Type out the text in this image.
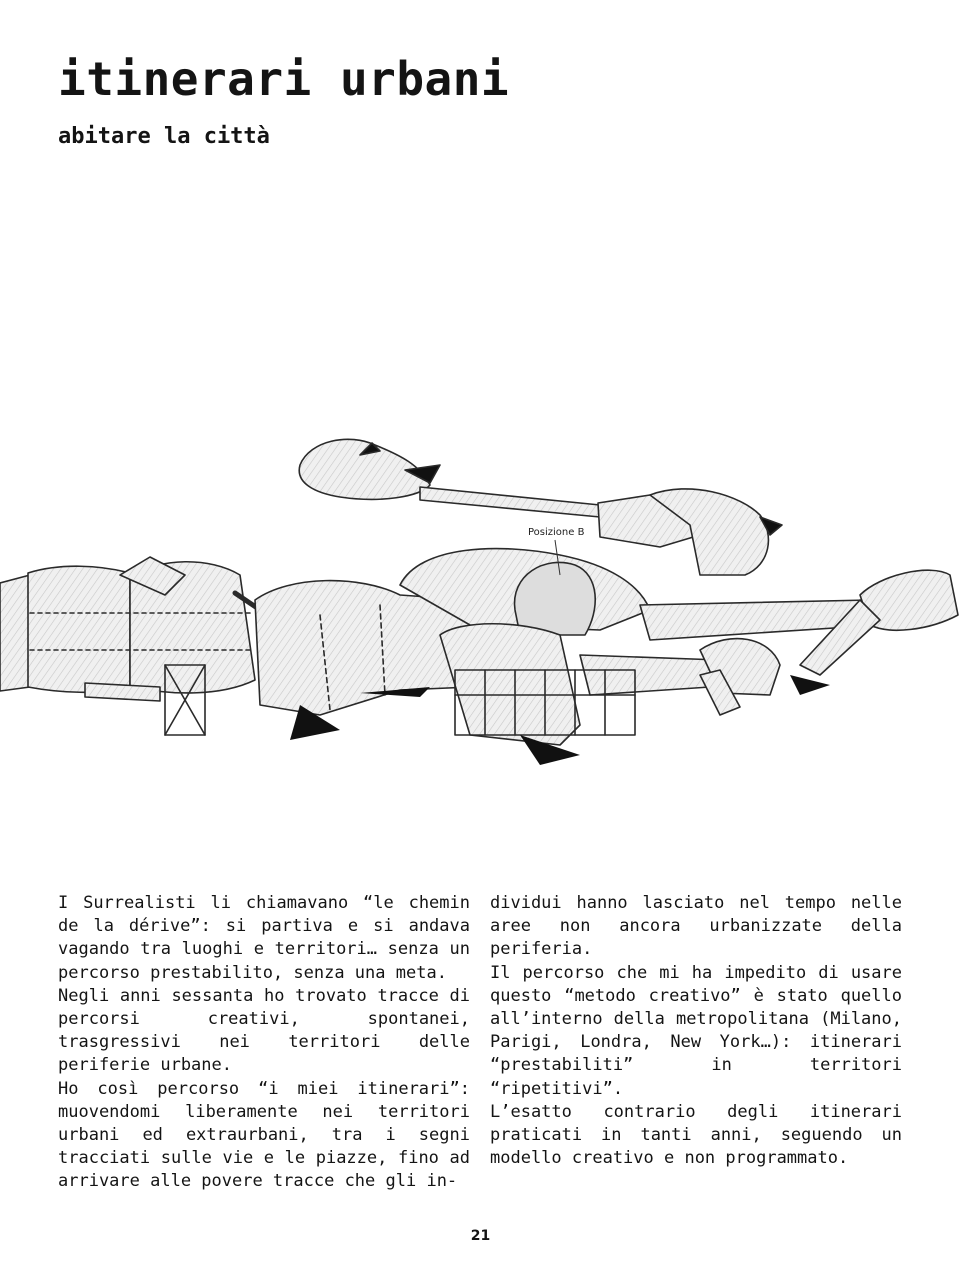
itinerari urbani
abitare la città
Posizione B

I Surrealisti li chiamavano “le chemin de la dérive”: si partiva e si andava vagando tra luoghi e territori… senza un percorso prestabilito, senza una meta.

Negli anni sessanta ho trovato tracce di percorsi creativi, spontanei, trasgressivi nei territori delle periferie urbane.

Ho così percorso “i miei itinerari”: muovendomi liberamente nei territori urbani ed extraurbani, tra i segni tracciati sulle vie e le piazze, fino ad arrivare alle povere tracce che gli in-

dividui hanno lasciato nel tempo nelle aree non ancora urbanizzate della periferia.

Il percorso che mi ha impedito di usare questo “metodo creativo” è stato quello all’interno della metropolitana (Milano, Parigi, Londra, New York…): itinerari “prestabiliti” in territori “ripetitivi”.

L’esatto contrario degli itinerari praticati in tanti anni, seguendo un modello creativo e non programmato.

21
